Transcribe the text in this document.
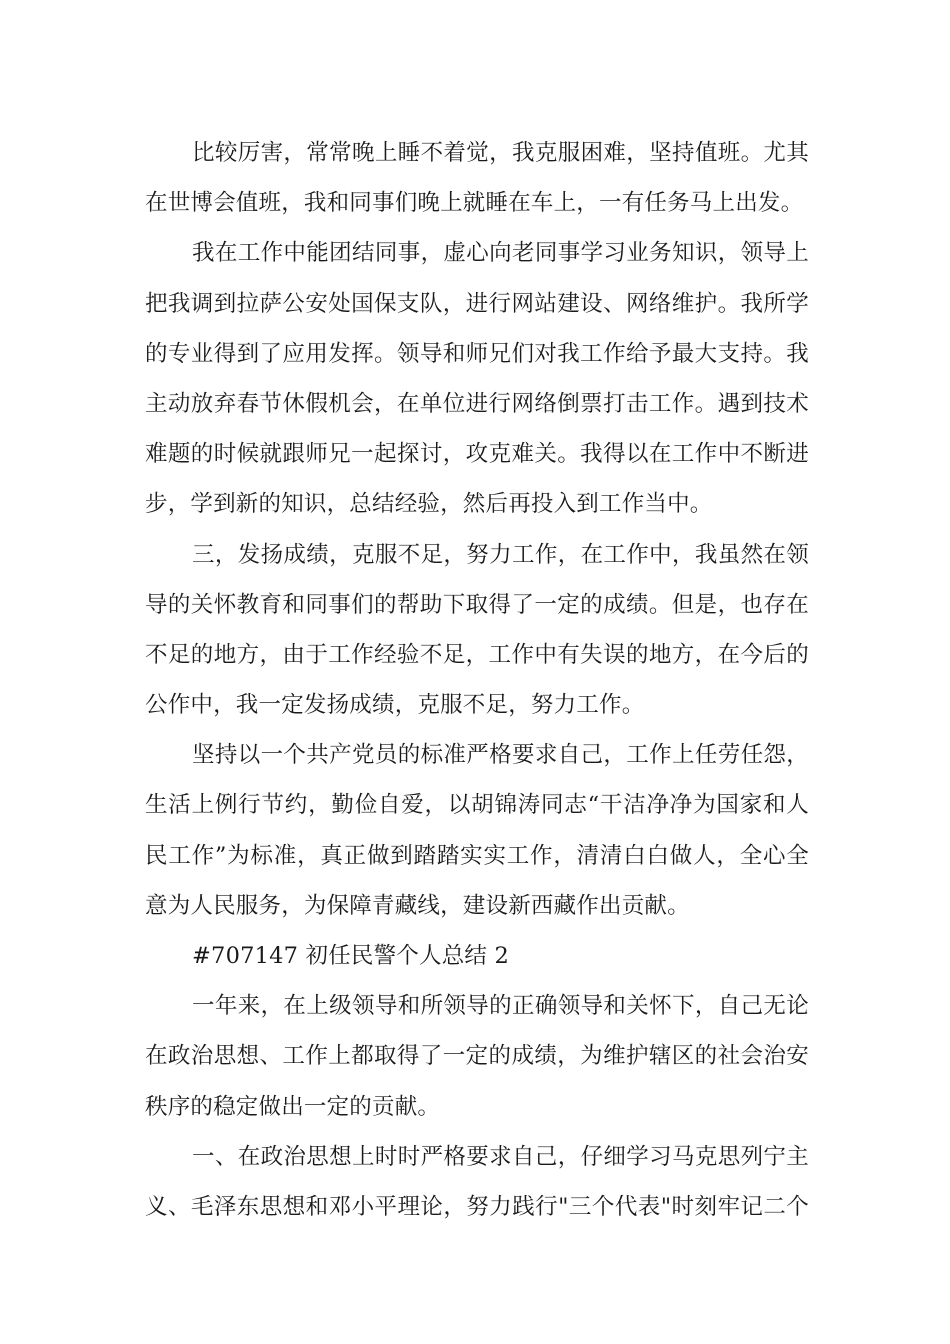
比较厉害，常常晚上睡不着觉，我克服困难，坚持值班。尤其
在世博会值班，我和同事们晚上就睡在车上，一有任务马上出发。
我在工作中能团结同事，虚心向老同事学习业务知识，领导上
把我调到拉萨公安处国保支队，进行网站建设、网络维护。我所学
的专业得到了应用发挥。领导和师兄们对我工作给予最大支持。我
主动放弃春节休假机会，在单位进行网络倒票打击工作。遇到技术
难题的时候就跟师兄一起探讨，攻克难关。我得以在工作中不断进
步，学到新的知识，总结经验，然后再投入到工作当中。
三，发扬成绩，克服不足，努力工作，在工作中，我虽然在领
导的关怀教育和同事们的帮助下取得了一定的成绩。但是，也存在
不足的地方，由于工作经验不足，工作中有失误的地方，在今后的
公作中，我一定发扬成绩，克服不足，努力工作。
坚持以一个共产党员的标准严格要求自己，工作上任劳任怨，
生活上例行节约，勤俭自爱，以胡锦涛同志“干洁净净为国家和人
民工作”为标准，真正做到踏踏实实工作，清清白白做人，全心全
意为人民服务，为保障青藏线，建设新西藏作出贡献。
#707147 初任民警个人总结 2
一年来，在上级领导和所领导的正确领导和关怀下，自己无论
在政治思想、工作上都取得了一定的成绩，为维护辖区的社会治安
秩序的稳定做出一定的贡献。
一、在政治思想上时时严格要求自己，仔细学习马克思列宁主
义、毛泽东思想和邓小平理论，努力践行"三个代表"时刻牢记二个
